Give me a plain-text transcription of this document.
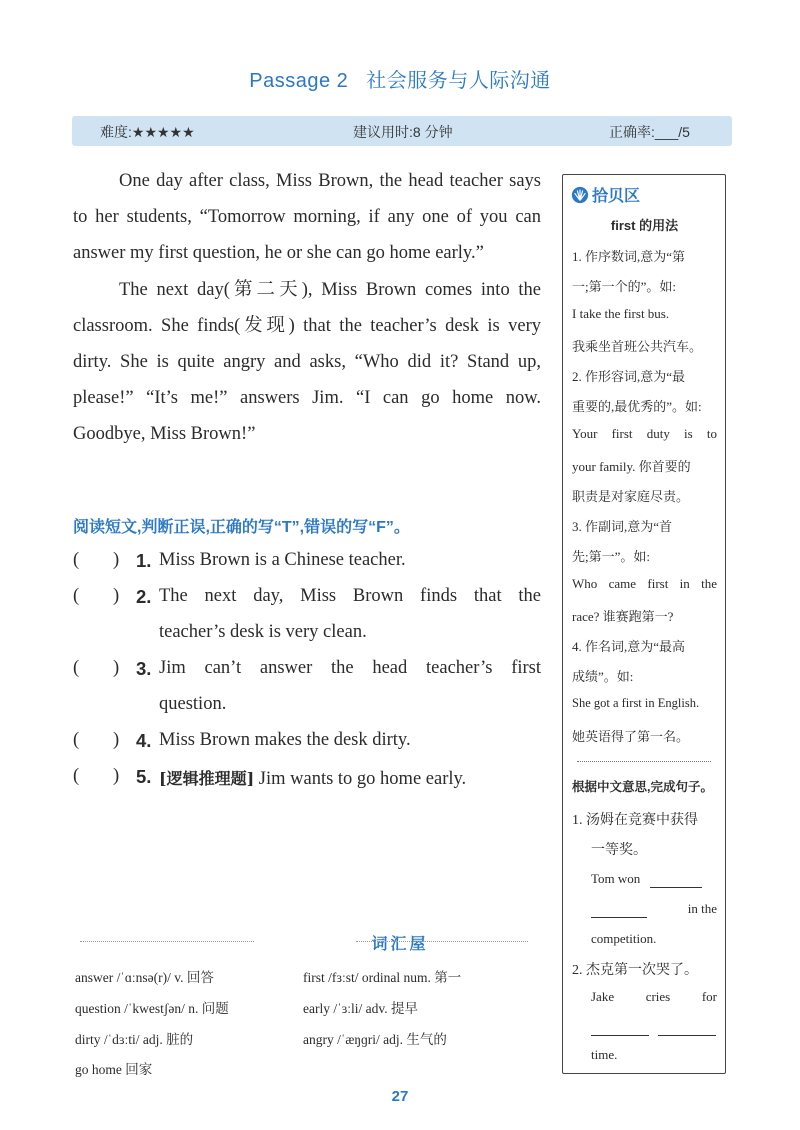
Passage 2 社会服务与人际沟通
难度:★★★★★	建议用时:8 分钟	正确率:___/5

One day after class, Miss Brown, the head teacher says to her students, “Tomorrow morning, if any one of you can answer my first question, he or she can go home early.”

The next day(第二天), Miss Brown comes into the classroom. She finds(发现) that the teacher’s desk is very dirty. She is quite angry and asks, “Who did it? Stand up, please!” “It’s me!” answers Jim. “I can go home now. Goodbye, Miss Brown!”

阅读短文,判断正误,正确的写“T”,错误的写“F”。
( ) 1. Miss Brown is a Chinese teacher.
( ) 2. The next day, Miss Brown finds that the
teacher’s desk is very clean.
( ) 3. Jim can’t answer the head teacher’s first
question.
( ) 4. Miss Brown makes the desk dirty.
( ) 5. [逻辑推理题] Jim wants to go home early.
拾贝区
first 的用法
1. 作序数词,意为“第
一;第一个的”。如:
I take the first bus.
我乘坐首班公共汽车。
2. 作形容词,意为“最
重要的,最优秀的”。如:
Your first duty is to
your family. 你首要的
职责是对家庭尽责。
3. 作副词,意为“首
先;第一”。如:
Who came first in the
race? 谁赛跑第一?
4. 作名词,意为“最高
成绩”。如:
She got a first in English.
她英语得了第一名。
根据中文意思,完成句子。
1. 汤姆在竞赛中获得
一等奖。
Tom won

in the
competition.
2. 杰克第一次哭了。
Jake cries for

time.
词汇屋
answer /ˈɑːnsə(r)/ v. 回答
question /ˈkwestʃən/ n. 问题
dirty /ˈdɜːti/ adj. 脏的
go home 回家
first /fɜːst/ ordinal num. 第一
early /ˈɜːli/ adv. 提早
angry /ˈæŋɡri/ adj. 生气的
27
